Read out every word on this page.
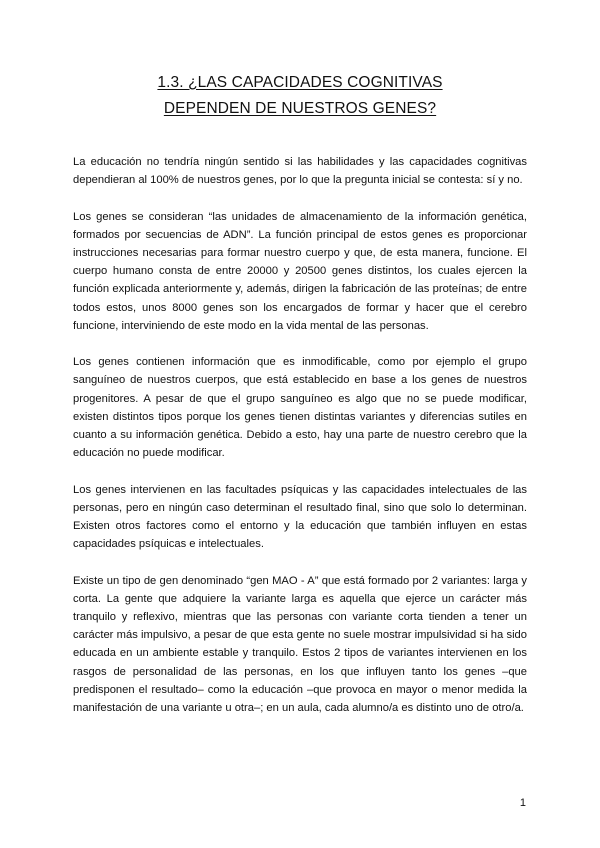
1.3. ¿LAS CAPACIDADES COGNITIVAS
DEPENDEN DE NUESTROS GENES?

La educación no tendría ningún sentido si las habilidades y las capacidades cognitivas dependieran al 100% de nuestros genes, por lo que la pregunta inicial se contesta: sí y no.

Los genes se consideran “las unidades de almacenamiento de la información genética, formados por secuencias de ADN”. La función principal de estos genes es proporcionar instrucciones necesarias para formar nuestro cuerpo y que, de esta manera, funcione. El cuerpo humano consta de entre 20000 y 20500 genes distintos, los cuales ejercen la función explicada anteriormente y, además, dirigen la fabricación de las proteínas; de entre todos estos, unos 8000 genes son los encargados de formar y hacer que el cerebro funcione, interviniendo de este modo en la vida mental de las personas.

Los genes contienen información que es inmodificable, como por ejemplo el grupo sanguíneo de nuestros cuerpos, que está establecido en base a los genes de nuestros progenitores. A pesar de que el grupo sanguíneo es algo que no se puede modificar, existen distintos tipos porque los genes tienen distintas variantes y diferencias sutiles en cuanto a su información genética. Debido a esto, hay una parte de nuestro cerebro que la educación no puede modificar.

Los genes intervienen en las facultades psíquicas y las capacidades intelectuales de las personas, pero en ningún caso determinan el resultado final, sino que solo lo determinan. Existen otros factores como el entorno y la educación que también influyen en estas capacidades psíquicas e intelectuales.

Existe un tipo de gen denominado “gen MAO - A” que está formado por 2 variantes: larga y corta. La gente que adquiere la variante larga es aquella que ejerce un carácter más tranquilo y reflexivo, mientras que las personas con variante corta tienden a tener un carácter más impulsivo, a pesar de que esta gente no suele mostrar impulsividad si ha sido educada en un ambiente estable y tranquilo. Estos 2 tipos de variantes intervienen en los rasgos de personalidad de las personas, en los que influyen tanto los genes –que predisponen el resultado– como la educación –que provoca en mayor o menor medida la manifestación de una variante u otra–; en un aula, cada alumno/a es distinto uno de otro/a.

1
